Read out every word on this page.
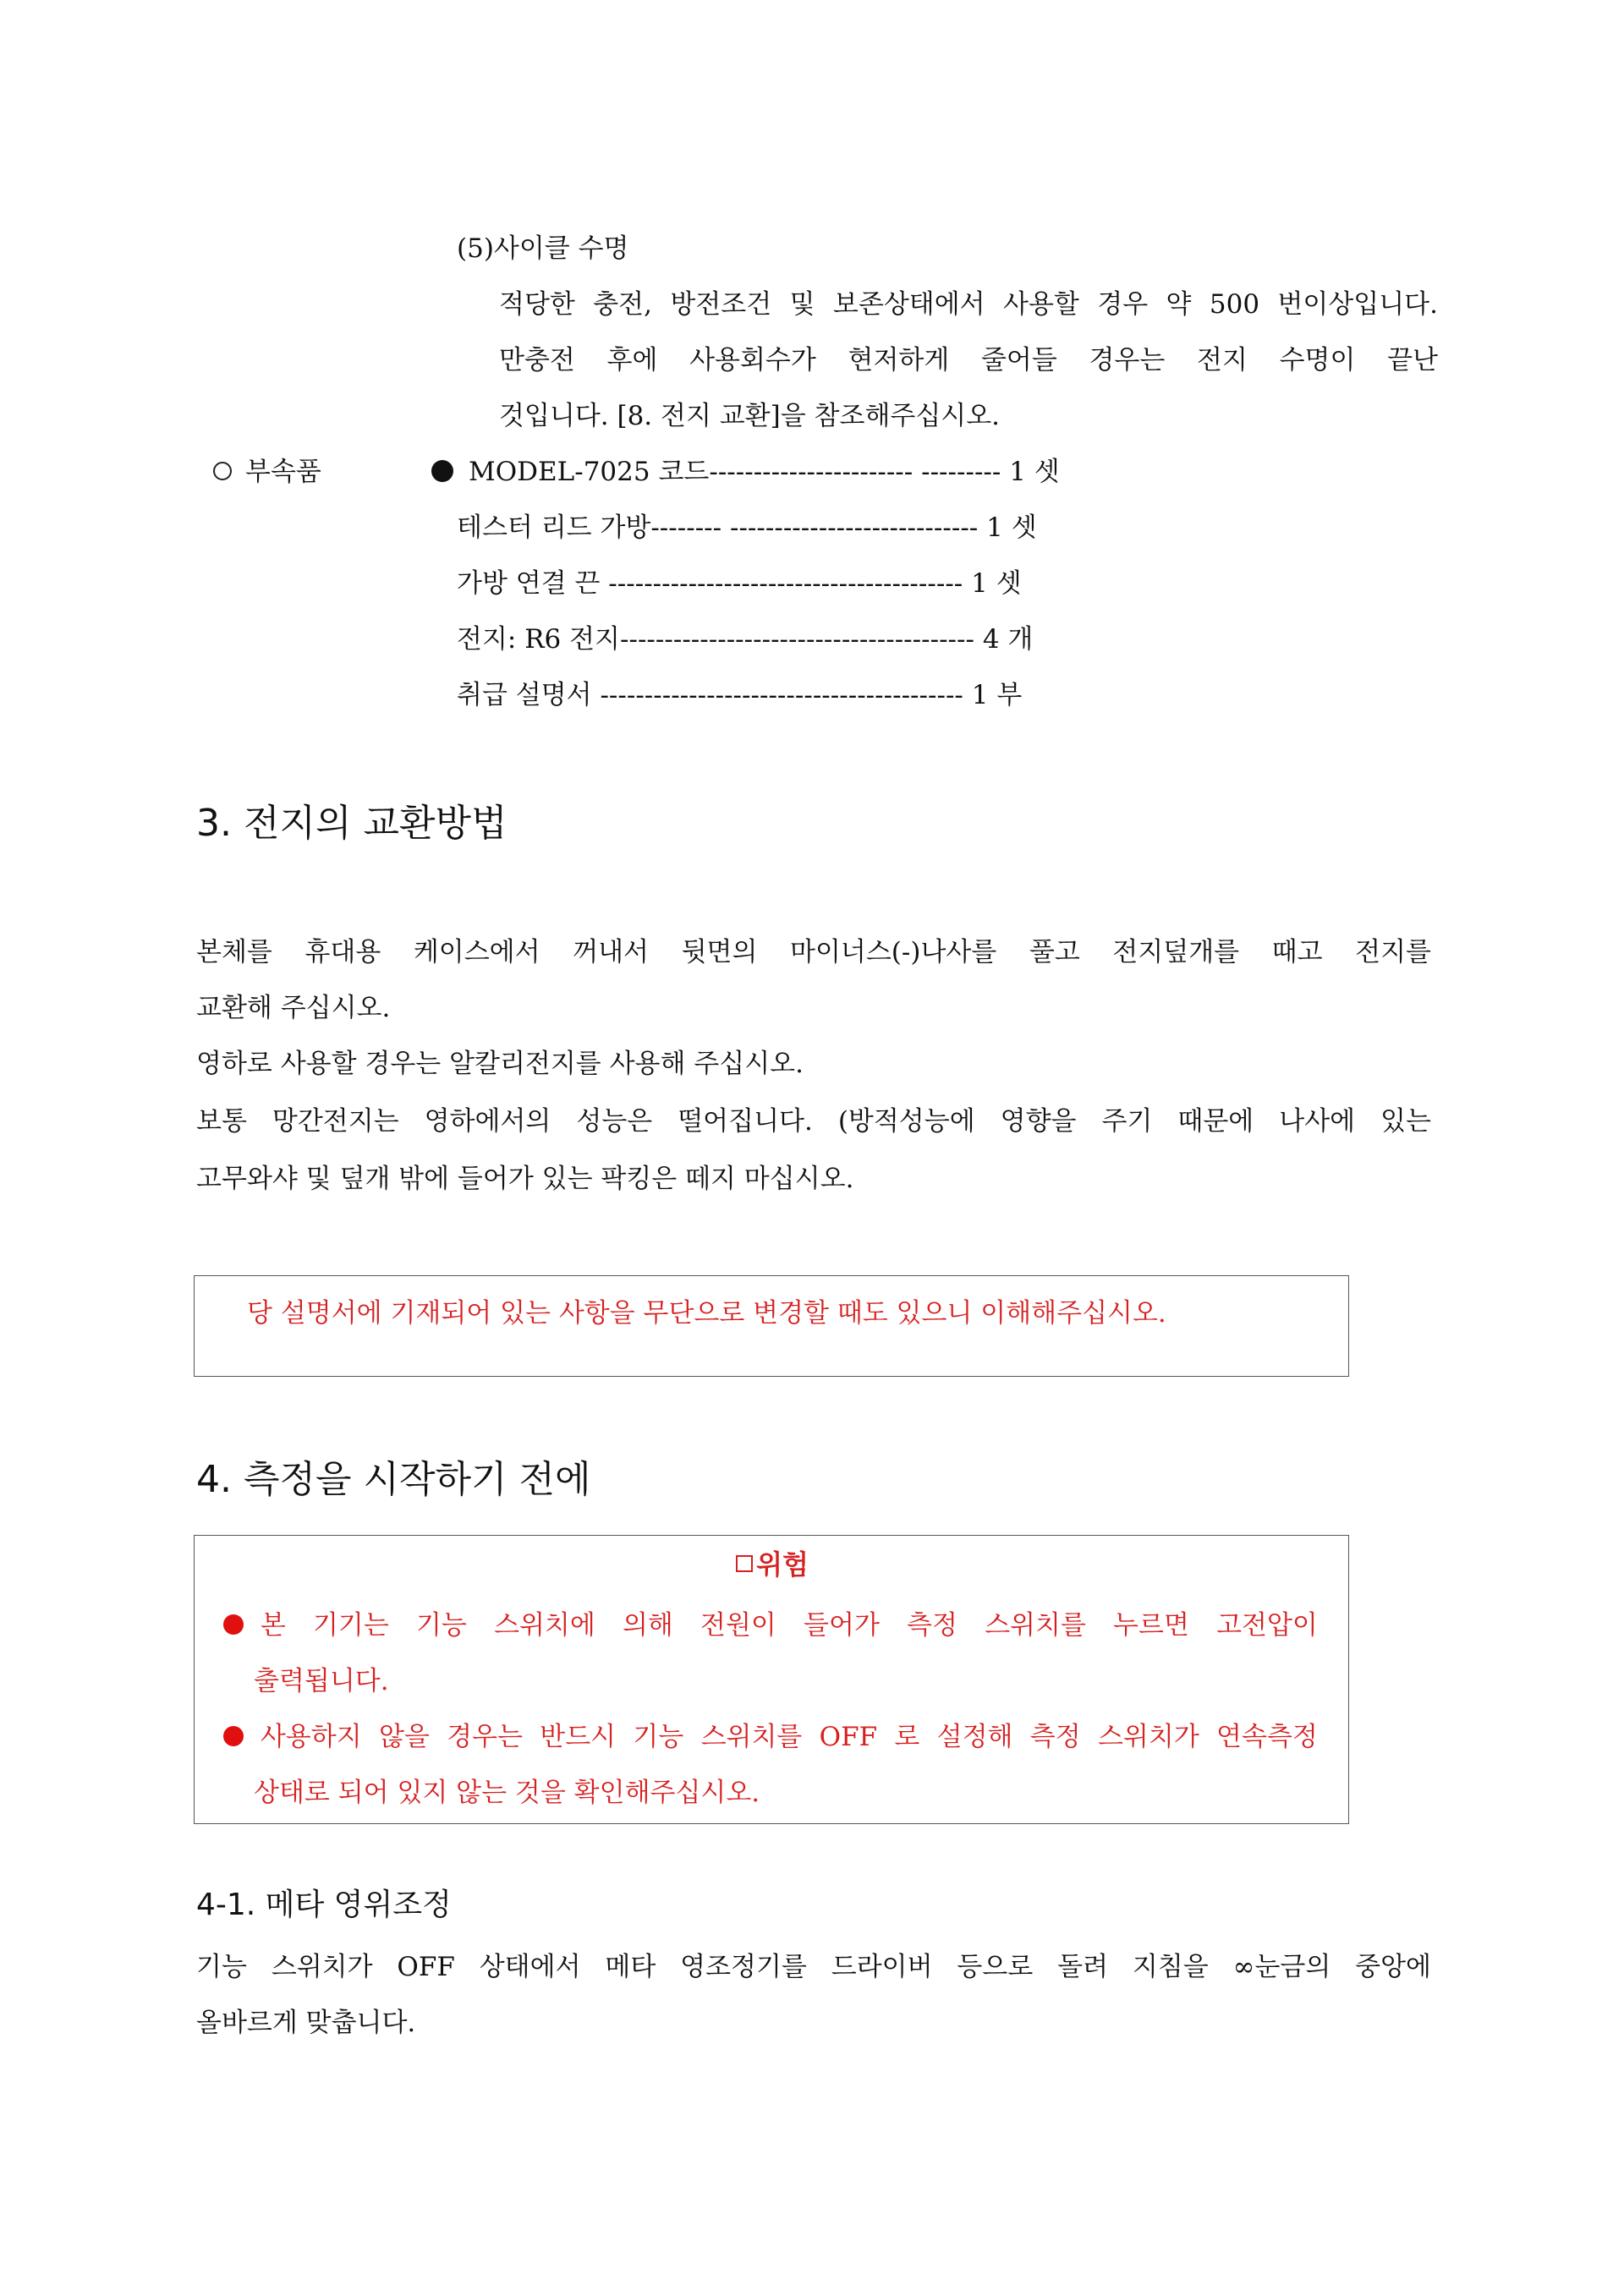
(5)사이클 수명
적당한 충전, 방전조건 및 보존상태에서 사용할 경우 약 500 번이상입니다.
만충전 후에 사용회수가 현저하게 줄어들 경우는 전지 수명이 끝난
것입니다. [8. 전지 교환]을 참조해주십시오.
부속품	MODEL-7025 코드----------------------- --------- 1 셋
테스터 리드 가방-------- ---------------------------- 1 셋
가방 연결 끈 ---------------------------------------- 1 셋
전지: R6 전지---------------------------------------- 4 개
취급 설명서 ----------------------------------------- 1 부
3. 전지의 교환방법
본체를 휴대용 케이스에서 꺼내서 뒷면의 마이너스(-)나사를 풀고 전지덮개를 때고 전지를
교환해 주십시오.
영하로 사용할 경우는 알칼리전지를 사용해 주십시오.
보통 망간전지는 영하에서의 성능은 떨어집니다. (방적성능에 영향을 주기 때문에 나사에 있는
고무와샤 및 덮개 밖에 들어가 있는 팍킹은 떼지 마십시오.
당 설명서에 기재되어 있는 사항을 무단으로 변경할 때도 있으니 이해해주십시오.
4. 측정을 시작하기 전에
위험
본 기기는 기능 스위치에 의해 전원이 들어가 측정 스위치를 누르면 고전압이
출력됩니다.
사용하지 않을 경우는 반드시 기능 스위치를 OFF 로 설정해 측정 스위치가 연속측정
상태로 되어 있지 않는 것을 확인해주십시오.
4-1. 메타 영위조정
기능 스위치가 OFF 상태에서 메타 영조정기를 드라이버 등으로 돌려 지침을 ∞눈금의 중앙에
올바르게 맞춥니다.
